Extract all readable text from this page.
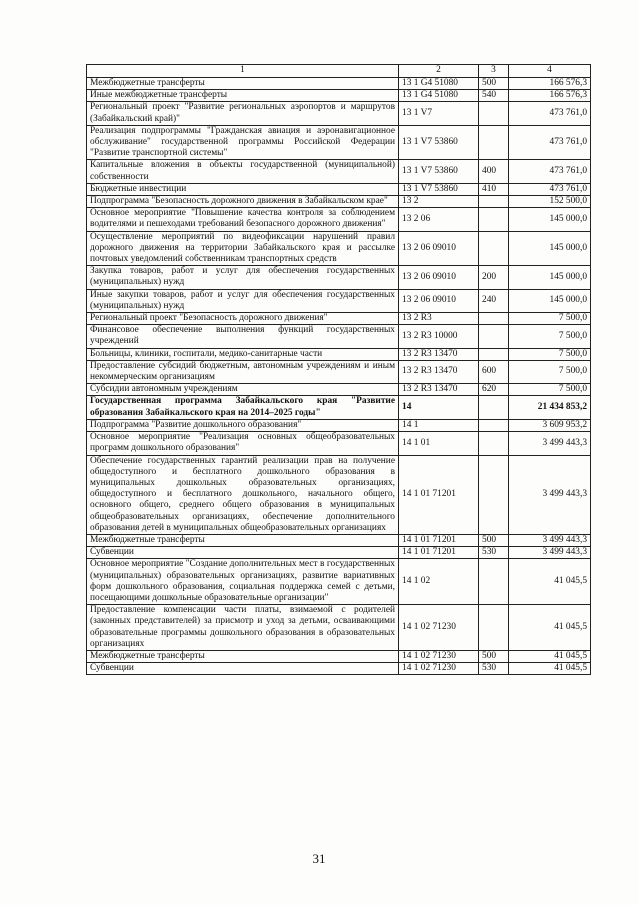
1	2	3	4
Межбюджетные трансферты	13 1 G4 51080	500	166 576,3
Иные межбюджетные трансферты	13 1 G4 51080	540	166 576,3
Региональный проект "Развитие региональных аэропортов и маршрутов (Забайкальский край)"	13 1 V7		473 761,0
Реализация подпрограммы "Гражданская авиация и аэронавигационное обслуживание" государственной программы Российской Федерации "Развитие транспортной системы"	13 1 V7 53860		473 761,0
Капитальные вложения в объекты государственной (муниципальной) собственности	13 1 V7 53860	400	473 761,0
Бюджетные инвестиции	13 1 V7 53860	410	473 761,0
Подпрограмма "Безопасность дорожного движения в Забайкальском крае"	13 2		152 500,0
Основное мероприятие "Повышение качества контроля за соблюдением водителями и пешеходами требований безопасного дорожного движения"	13 2 06		145 000,0
Осуществление мероприятий по видеофиксации нарушений правил дорожного движения на территории Забайкальского края и рассылке почтовых уведомлений собственникам транспортных средств	13 2 06 09010		145 000,0
Закупка товаров, работ и услуг для обеспечения государственных (муниципальных) нужд	13 2 06 09010	200	145 000,0
Иные закупки товаров, работ и услуг для обеспечения государственных (муниципальных) нужд	13 2 06 09010	240	145 000,0
Региональный проект "Безопасность дорожного движения"	13 2 R3		7 500,0
Финансовое обеспечение выполнения функций государственных учреждений	13 2 R3 10000		7 500,0
Больницы, клиники, госпитали, медико-санитарные части	13 2 R3 13470		7 500,0
Предоставление субсидий бюджетным, автономным учреждениям и иным некоммерческим организациям	13 2 R3 13470	600	7 500,0
Субсидии автономным учреждениям	13 2 R3 13470	620	7 500,0
Государственная программа Забайкальского края "Развитие образования Забайкальского края на 2014–2025 годы"	14		21 434 853,2
Подпрограмма "Развитие дошкольного образования"	14 1		3 609 953,2
Основное мероприятие "Реализация основных общеобразовательных программ дошкольного образования"	14 1 01		3 499 443,3
Обеспечение государственных гарантий реализации прав на получение общедоступного и бесплатного дошкольного образования в муниципальных дошкольных образовательных организациях, общедоступного и бесплатного дошкольного, начального общего, основного общего, среднего общего образования в муниципальных общеобразовательных организациях, обеспечение дополнительного образования детей в муниципальных общеобразовательных организациях	14 1 01 71201		3 499 443,3
Межбюджетные трансферты	14 1 01 71201	500	3 499 443,3
Субвенции	14 1 01 71201	530	3 499 443,3
Основное мероприятие "Создание дополнительных мест в государственных (муниципальных) образовательных организациях, развитие вариативных форм дошкольного образования, социальная поддержка семей с детьми, посещающими дошкольные образовательные организации"	14 1 02		41 045,5
Предоставление компенсации части платы, взимаемой с родителей (законных представителей) за присмотр и уход за детьми, осваивающими образовательные программы дошкольного образования в образовательных организациях	14 1 02 71230		41 045,5
Межбюджетные трансферты	14 1 02 71230	500	41 045,5
Субвенции	14 1 02 71230	530	41 045,5
31
